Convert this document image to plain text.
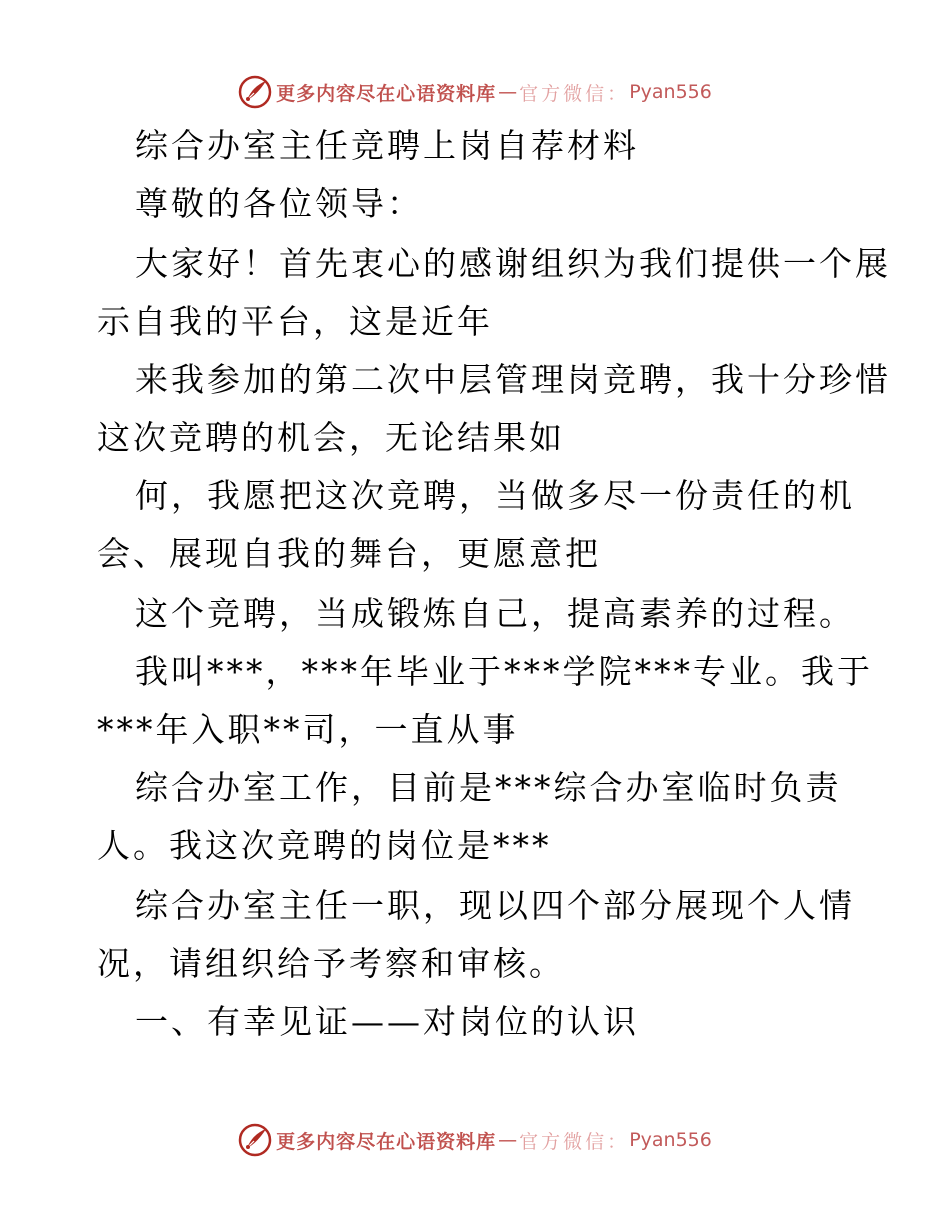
更多内容尽在心语资料库 — 官方微信： Pyan556
综合办室主任竞聘上岗自荐材料
尊敬的各位领导：
大家好！首先衷心的感谢组织为我们提供一个展
示自我的平台，这是近年
来我参加的第二次中层管理岗竞聘，我十分珍惜
这次竞聘的机会，无论结果如
何，我愿把这次竞聘，当做多尽一份责任的机
会、展现自我的舞台，更愿意把
这个竞聘，当成锻炼自己，提高素养的过程。
我叫***，***年毕业于***学院***专业。我于
***年入职**司，一直从事
综合办室工作，目前是***综合办室临时负责
人。我这次竞聘的岗位是***
综合办室主任一职，现以四个部分展现个人情
况，请组织给予考察和审核。
一、有幸见证——对岗位的认识
更多内容尽在心语资料库 — 官方微信： Pyan556
